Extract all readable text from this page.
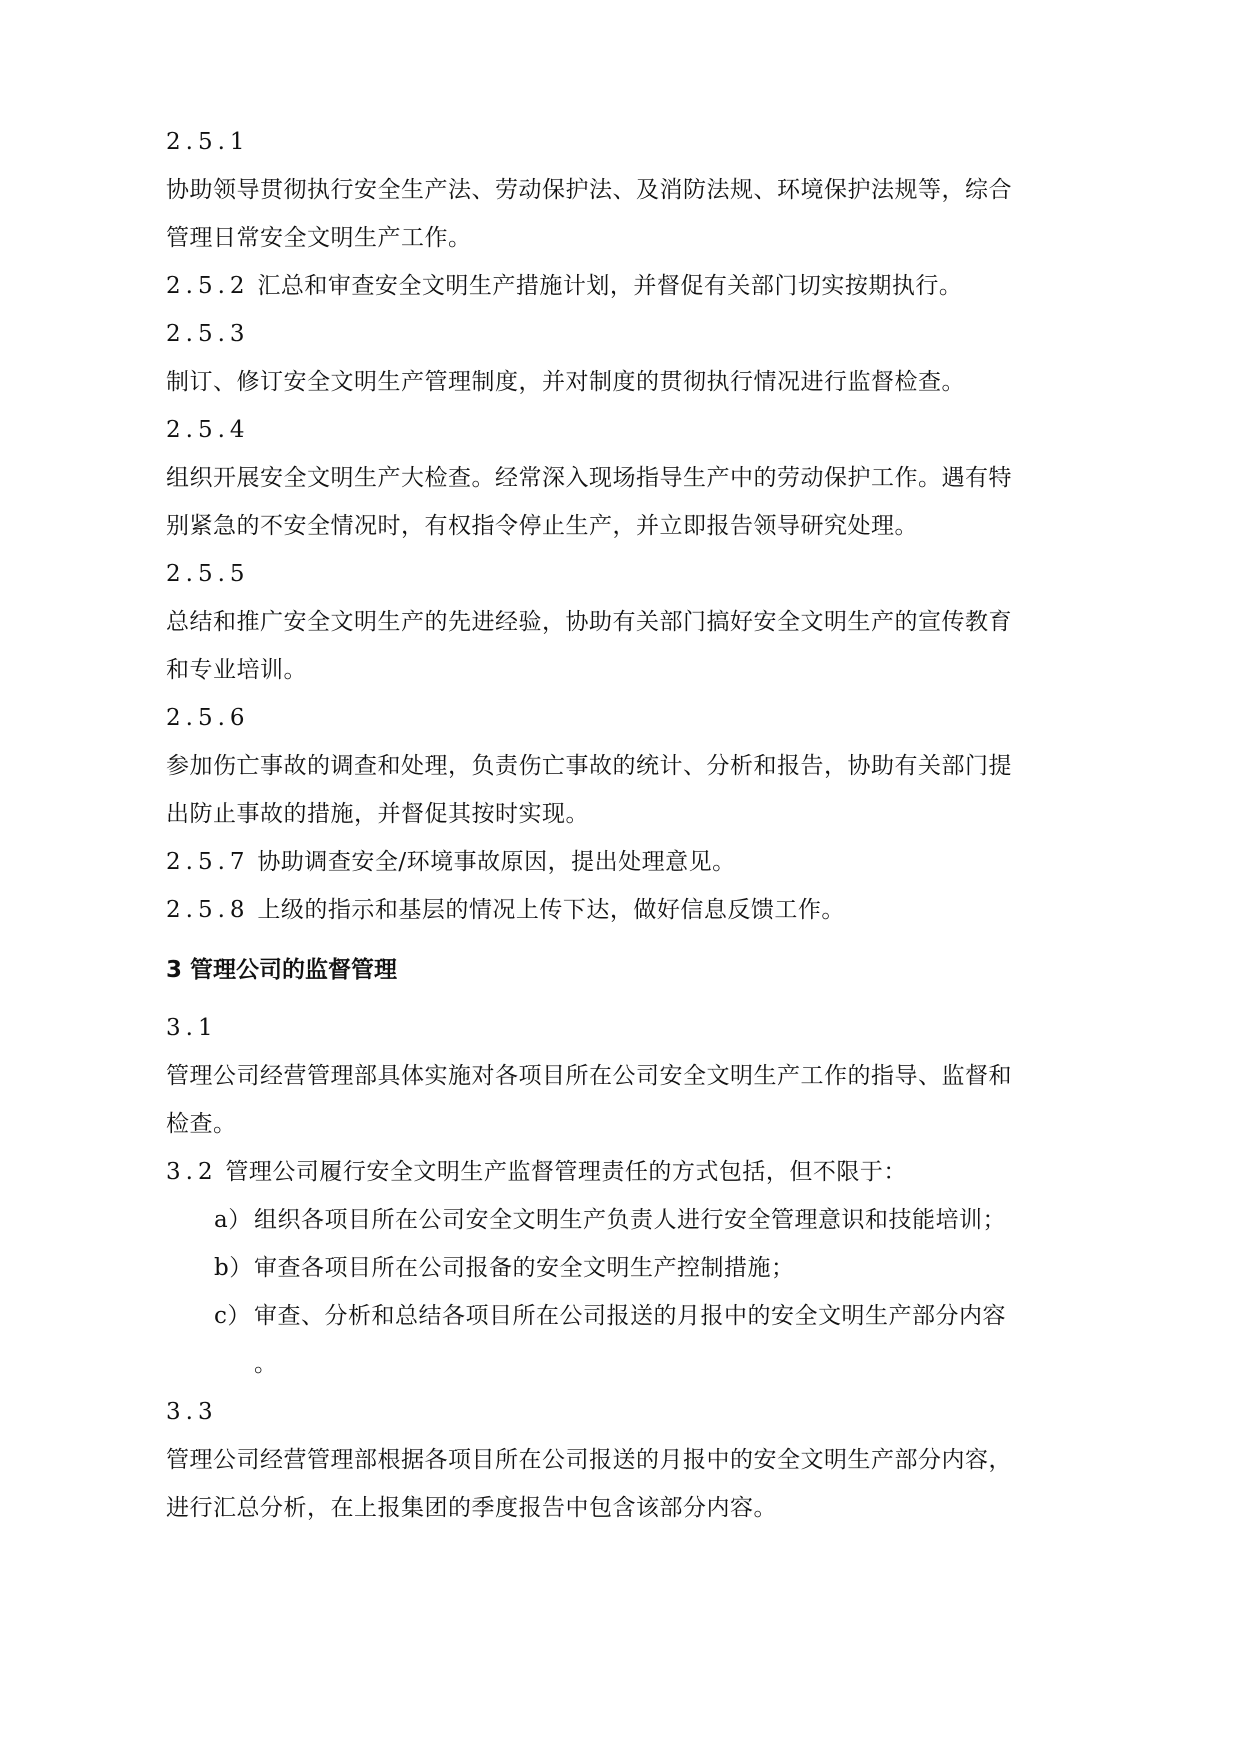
2.5.1
协助领导贯彻执行安全生产法、劳动保护法、及消防法规、环境保护法规等，综合
管理日常安全文明生产工作。
2.5.2 汇总和审查安全文明生产措施计划，并督促有关部门切实按期执行。
2.5.3
制订、修订安全文明生产管理制度，并对制度的贯彻执行情况进行监督检查。
2.5.4
组织开展安全文明生产大检查。经常深入现场指导生产中的劳动保护工作。遇有特
别紧急的不安全情况时，有权指令停止生产，并立即报告领导研究处理。
2.5.5
总结和推广安全文明生产的先进经验，协助有关部门搞好安全文明生产的宣传教育
和专业培训。
2.5.6
参加伤亡事故的调查和处理，负责伤亡事故的统计、分析和报告，协助有关部门提
出防止事故的措施，并督促其按时实现。
2.5.7 协助调查安全/环境事故原因，提出处理意见。
2.5.8 上级的指示和基层的情况上传下达，做好信息反馈工作。
3 管理公司的监督管理
3.1
管理公司经营管理部具体实施对各项目所在公司安全文明生产工作的指导、监督和
检查。
3.2 管理公司履行安全文明生产监督管理责任的方式包括，但不限于：
a）组织各项目所在公司安全文明生产负责人进行安全管理意识和技能培训；
b）审查各项目所在公司报备的安全文明生产控制措施；
c） 审查、分析和总结各项目所在公司报送的月报中的安全文明生产部分内容
。
3.3
管理公司经营管理部根据各项目所在公司报送的月报中的安全文明生产部分内容，
进行汇总分析，在上报集团的季度报告中包含该部分内容。
